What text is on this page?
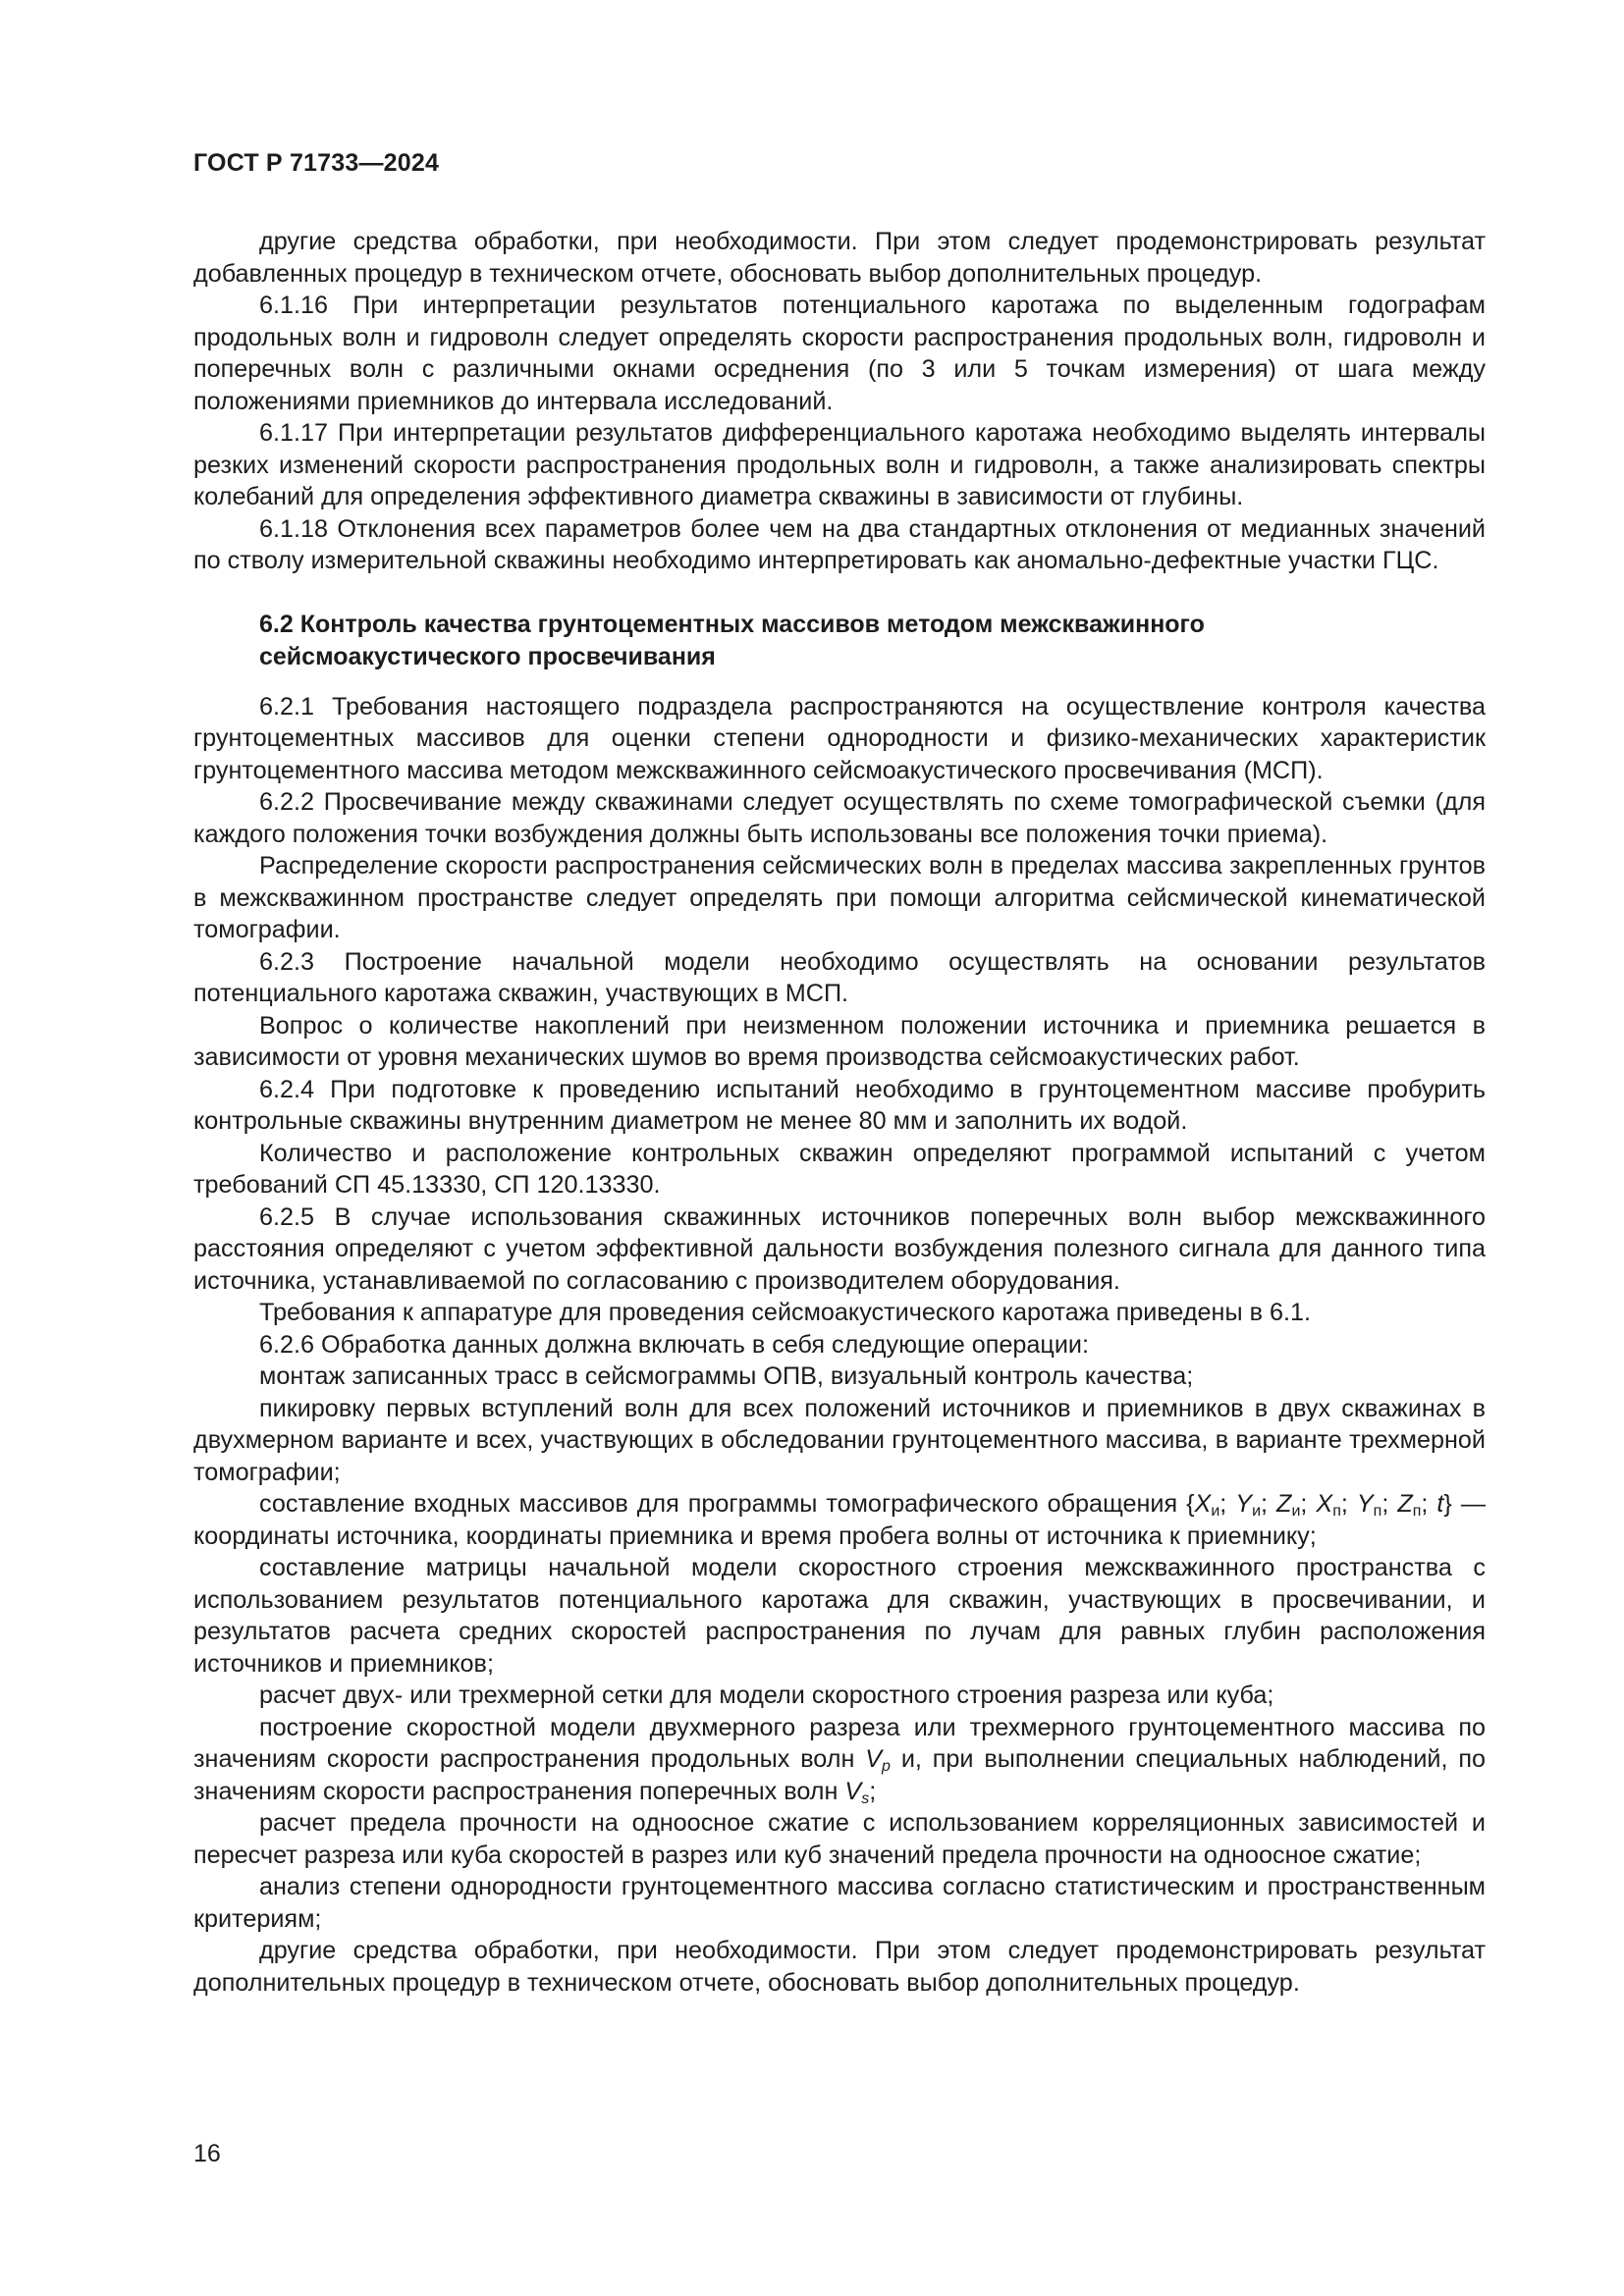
ГОСТ Р 71733—2024

другие средства обработки, при необходимости. При этом следует продемонстрировать результат добавленных процедур в техническом отчете, обосновать выбор дополнительных процедур.

6.1.16 При интерпретации результатов потенциального каротажа по выделенным годографам продольных волн и гидроволн следует определять скорости распространения продольных волн, гидроволн и поперечных волн с различными окнами осреднения (по 3 или 5 точкам измерения) от шага между положениями приемников до интервала исследований.

6.1.17 При интерпретации результатов дифференциального каротажа необходимо выделять интервалы резких изменений скорости распространения продольных волн и гидроволн, а также анализировать спектры колебаний для определения эффективного диаметра скважины в зависимости от глубины.

6.1.18 Отклонения всех параметров более чем на два стандартных отклонения от медианных значений по стволу измерительной скважины необходимо интерпретировать как аномально-дефектные участки ГЦС.

6.2 Контроль качества грунтоцементных массивов методом межскважинного
сейсмоакустического просвечивания

6.2.1 Требования настоящего подраздела распространяются на осуществление контроля качества грунтоцементных массивов для оценки степени однородности и физико-механических характеристик грунтоцементного массива методом межскважинного сейсмоакустического просвечивания (МСП).

6.2.2 Просвечивание между скважинами следует осуществлять по схеме томографической съемки (для каждого положения точки возбуждения должны быть использованы все положения точки приема).

Распределение скорости распространения сейсмических волн в пределах массива закрепленных грунтов в межскважинном пространстве следует определять при помощи алгоритма сейсмической кинематической томографии.

6.2.3 Построение начальной модели необходимо осуществлять на основании результатов потенциального каротажа скважин, участвующих в МСП.

Вопрос о количестве накоплений при неизменном положении источника и приемника решается в зависимости от уровня механических шумов во время производства сейсмоакустических работ.

6.2.4 При подготовке к проведению испытаний необходимо в грунтоцементном массиве пробурить контрольные скважины внутренним диаметром не менее 80 мм и заполнить их водой.

Количество и расположение контрольных скважин определяют программой испытаний с учетом требований СП 45.13330, СП 120.13330.

6.2.5 В случае использования скважинных источников поперечных волн выбор межскважинного расстояния определяют с учетом эффективной дальности возбуждения полезного сигнала для данного типа источника, устанавливаемой по согласованию с производителем оборудования.

Требования к аппаратуре для проведения сейсмоакустического каротажа приведены в 6.1.

6.2.6 Обработка данных должна включать в себя следующие операции:

монтаж записанных трасс в сейсмограммы ОПВ, визуальный контроль качества;

пикировку первых вступлений волн для всех положений источников и приемников в двух скважинах в двухмерном варианте и всех, участвующих в обследовании грунтоцементного массива, в варианте трехмерной томографии;

составление входных массивов для программы томографического обращения {$X_и$; $Y_и$; $Z_и$; $X_п$; $Y_п$; $Z_п$; t} — координаты источника, координаты приемника и время пробега волны от источника к приемнику;

составление матрицы начальной модели скоростного строения межскважинного пространства с использованием результатов потенциального каротажа для скважин, участвующих в просвечивании, и результатов расчета средних скоростей распространения по лучам для равных глубин расположения источников и приемников;

расчет двух- или трехмерной сетки для модели скоростного строения разреза или куба;

построение скоростной модели двухмерного разреза или трехмерного грунтоцементного массива по значениям скорости распространения продольных волн $V_p$ и, при выполнении специальных наблюдений, по значениям скорости распространения поперечных волн $V_s$;

расчет предела прочности на одноосное сжатие с использованием корреляционных зависимостей и пересчет разреза или куба скоростей в разрез или куб значений предела прочности на одноосное сжатие;

анализ степени однородности грунтоцементного массива согласно статистическим и пространственным критериям;

другие средства обработки, при необходимости. При этом следует продемонстрировать результат дополнительных процедур в техническом отчете, обосновать выбор дополнительных процедур.

16
